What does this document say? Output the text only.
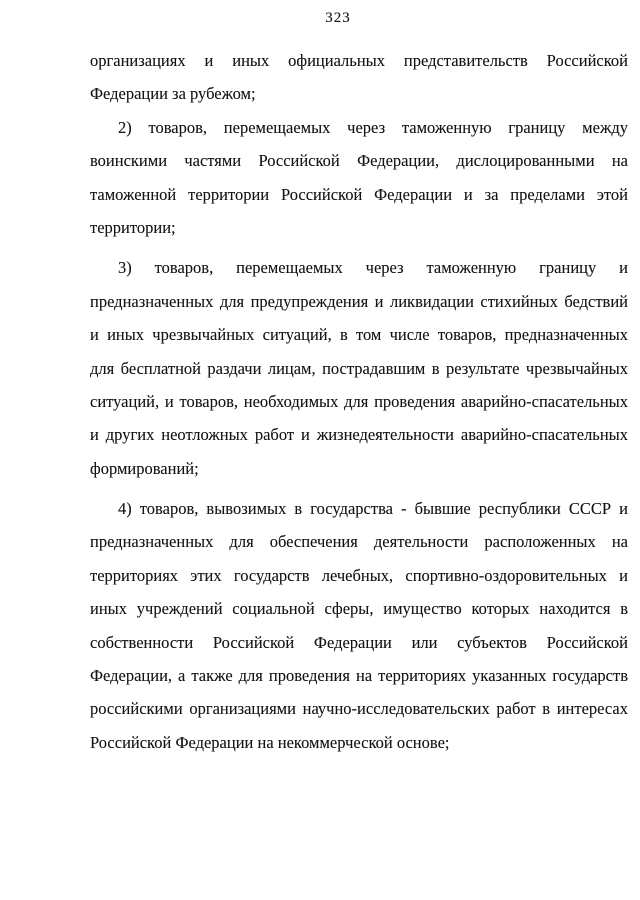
323
организациях и иных официальных представительств Российской
Федерации за рубежом;
2) товаров, перемещаемых через таможенную границу между
воинскими частями Российской Федерации, дислоцированными на
таможенной территории Российской Федерации и за пределами этой
территории;
3) товаров, перемещаемых через таможенную границу и
предназначенных для предупреждения и ликвидации стихийных бедствий
и иных чрезвычайных ситуаций, в том числе товаров, предназначенных
для бесплатной раздачи лицам, пострадавшим в результате чрезвычайных
ситуаций, и товаров, необходимых для проведения аварийно-спасательных
и других неотложных работ и жизнедеятельности аварийно-спасательных
формирований;
4) товаров, вывозимых в государства - бывшие республики СССР и
предназначенных для обеспечения деятельности расположенных на
территориях этих государств лечебных, спортивно-оздоровительных и
иных учреждений социальной сферы, имущество которых находится в
собственности Российской Федерации или субъектов Российской
Федерации, а также для проведения на территориях указанных государств
российскими организациями научно-исследовательских работ в интересах
Российской Федерации на некоммерческой основе;
